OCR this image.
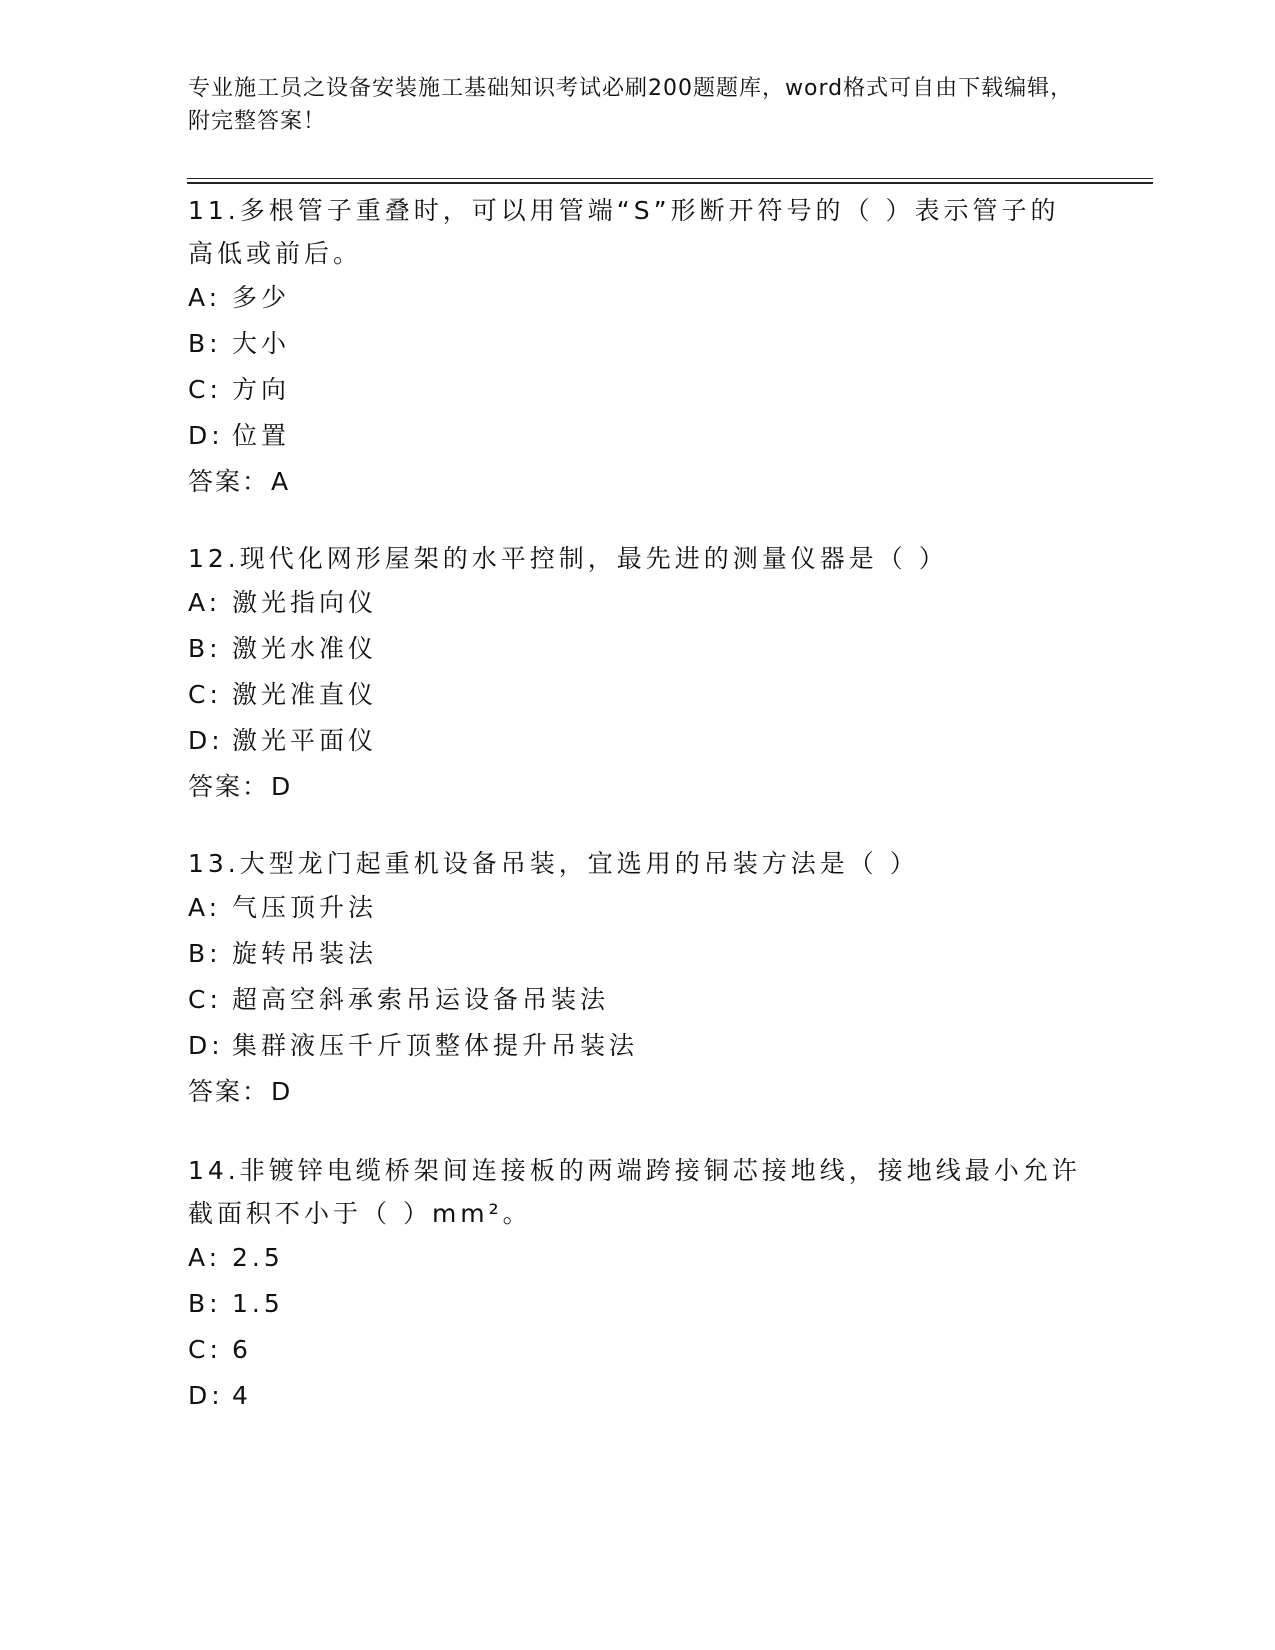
专业施工员之设备安装施工基础知识考试必刷200题题库，word格式可自由下载编辑，附完整答案！

11.多根管子重叠时，可以用管端“S”形断开符号的（ ）表示管子的高低或前后。

A: 多少
B: 大小
C: 方向
D: 位置
答案： A

12.现代化网形屋架的水平控制，最先进的测量仪器是（ ）

A: 激光指向仪
B: 激光水准仪
C: 激光准直仪
D: 激光平面仪
答案： D

13.大型龙门起重机设备吊装，宜选用的吊装方法是（ ）

A: 气压顶升法
B: 旋转吊装法
C: 超高空斜承索吊运设备吊装法
D: 集群液压千斤顶整体提升吊装法
答案： D

14.非镀锌电缆桥架间连接板的两端跨接铜芯接地线，接地线最小允许截面积不小于（ ）mm²。

A: 2.5
B: 1.5
C: 6
D: 4
